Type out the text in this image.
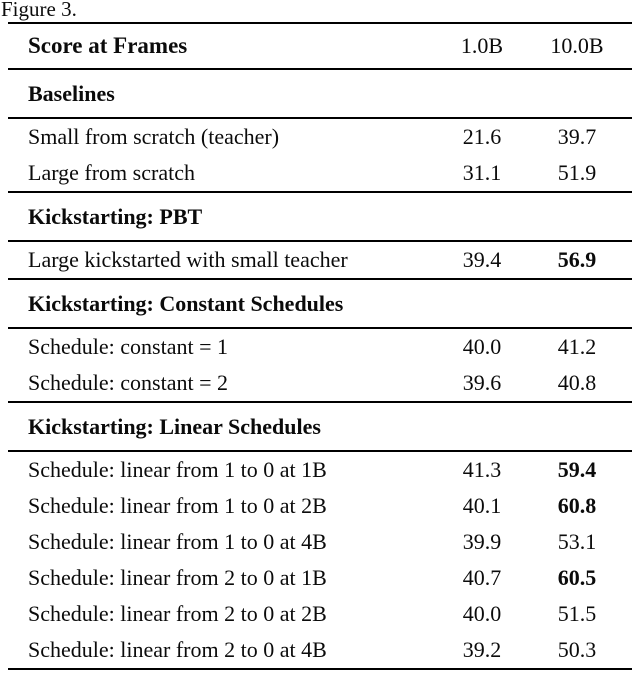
Figure 3.
Score at Frames	1.0B	10.0B
Baselines
Small from scratch (teacher)	21.6	39.7
Large from scratch	31.1	51.9
Kickstarting: PBT
Large kickstarted with small teacher	39.4	56.9
Kickstarting: Constant Schedules
Schedule: constant = 1	40.0	41.2
Schedule: constant = 2	39.6	40.8
Kickstarting: Linear Schedules
Schedule: linear from 1 to 0 at 1B	41.3	59.4
Schedule: linear from 1 to 0 at 2B	40.1	60.8
Schedule: linear from 1 to 0 at 4B	39.9	53.1
Schedule: linear from 2 to 0 at 1B	40.7	60.5
Schedule: linear from 2 to 0 at 2B	40.0	51.5
Schedule: linear from 2 to 0 at 4B	39.2	50.3
